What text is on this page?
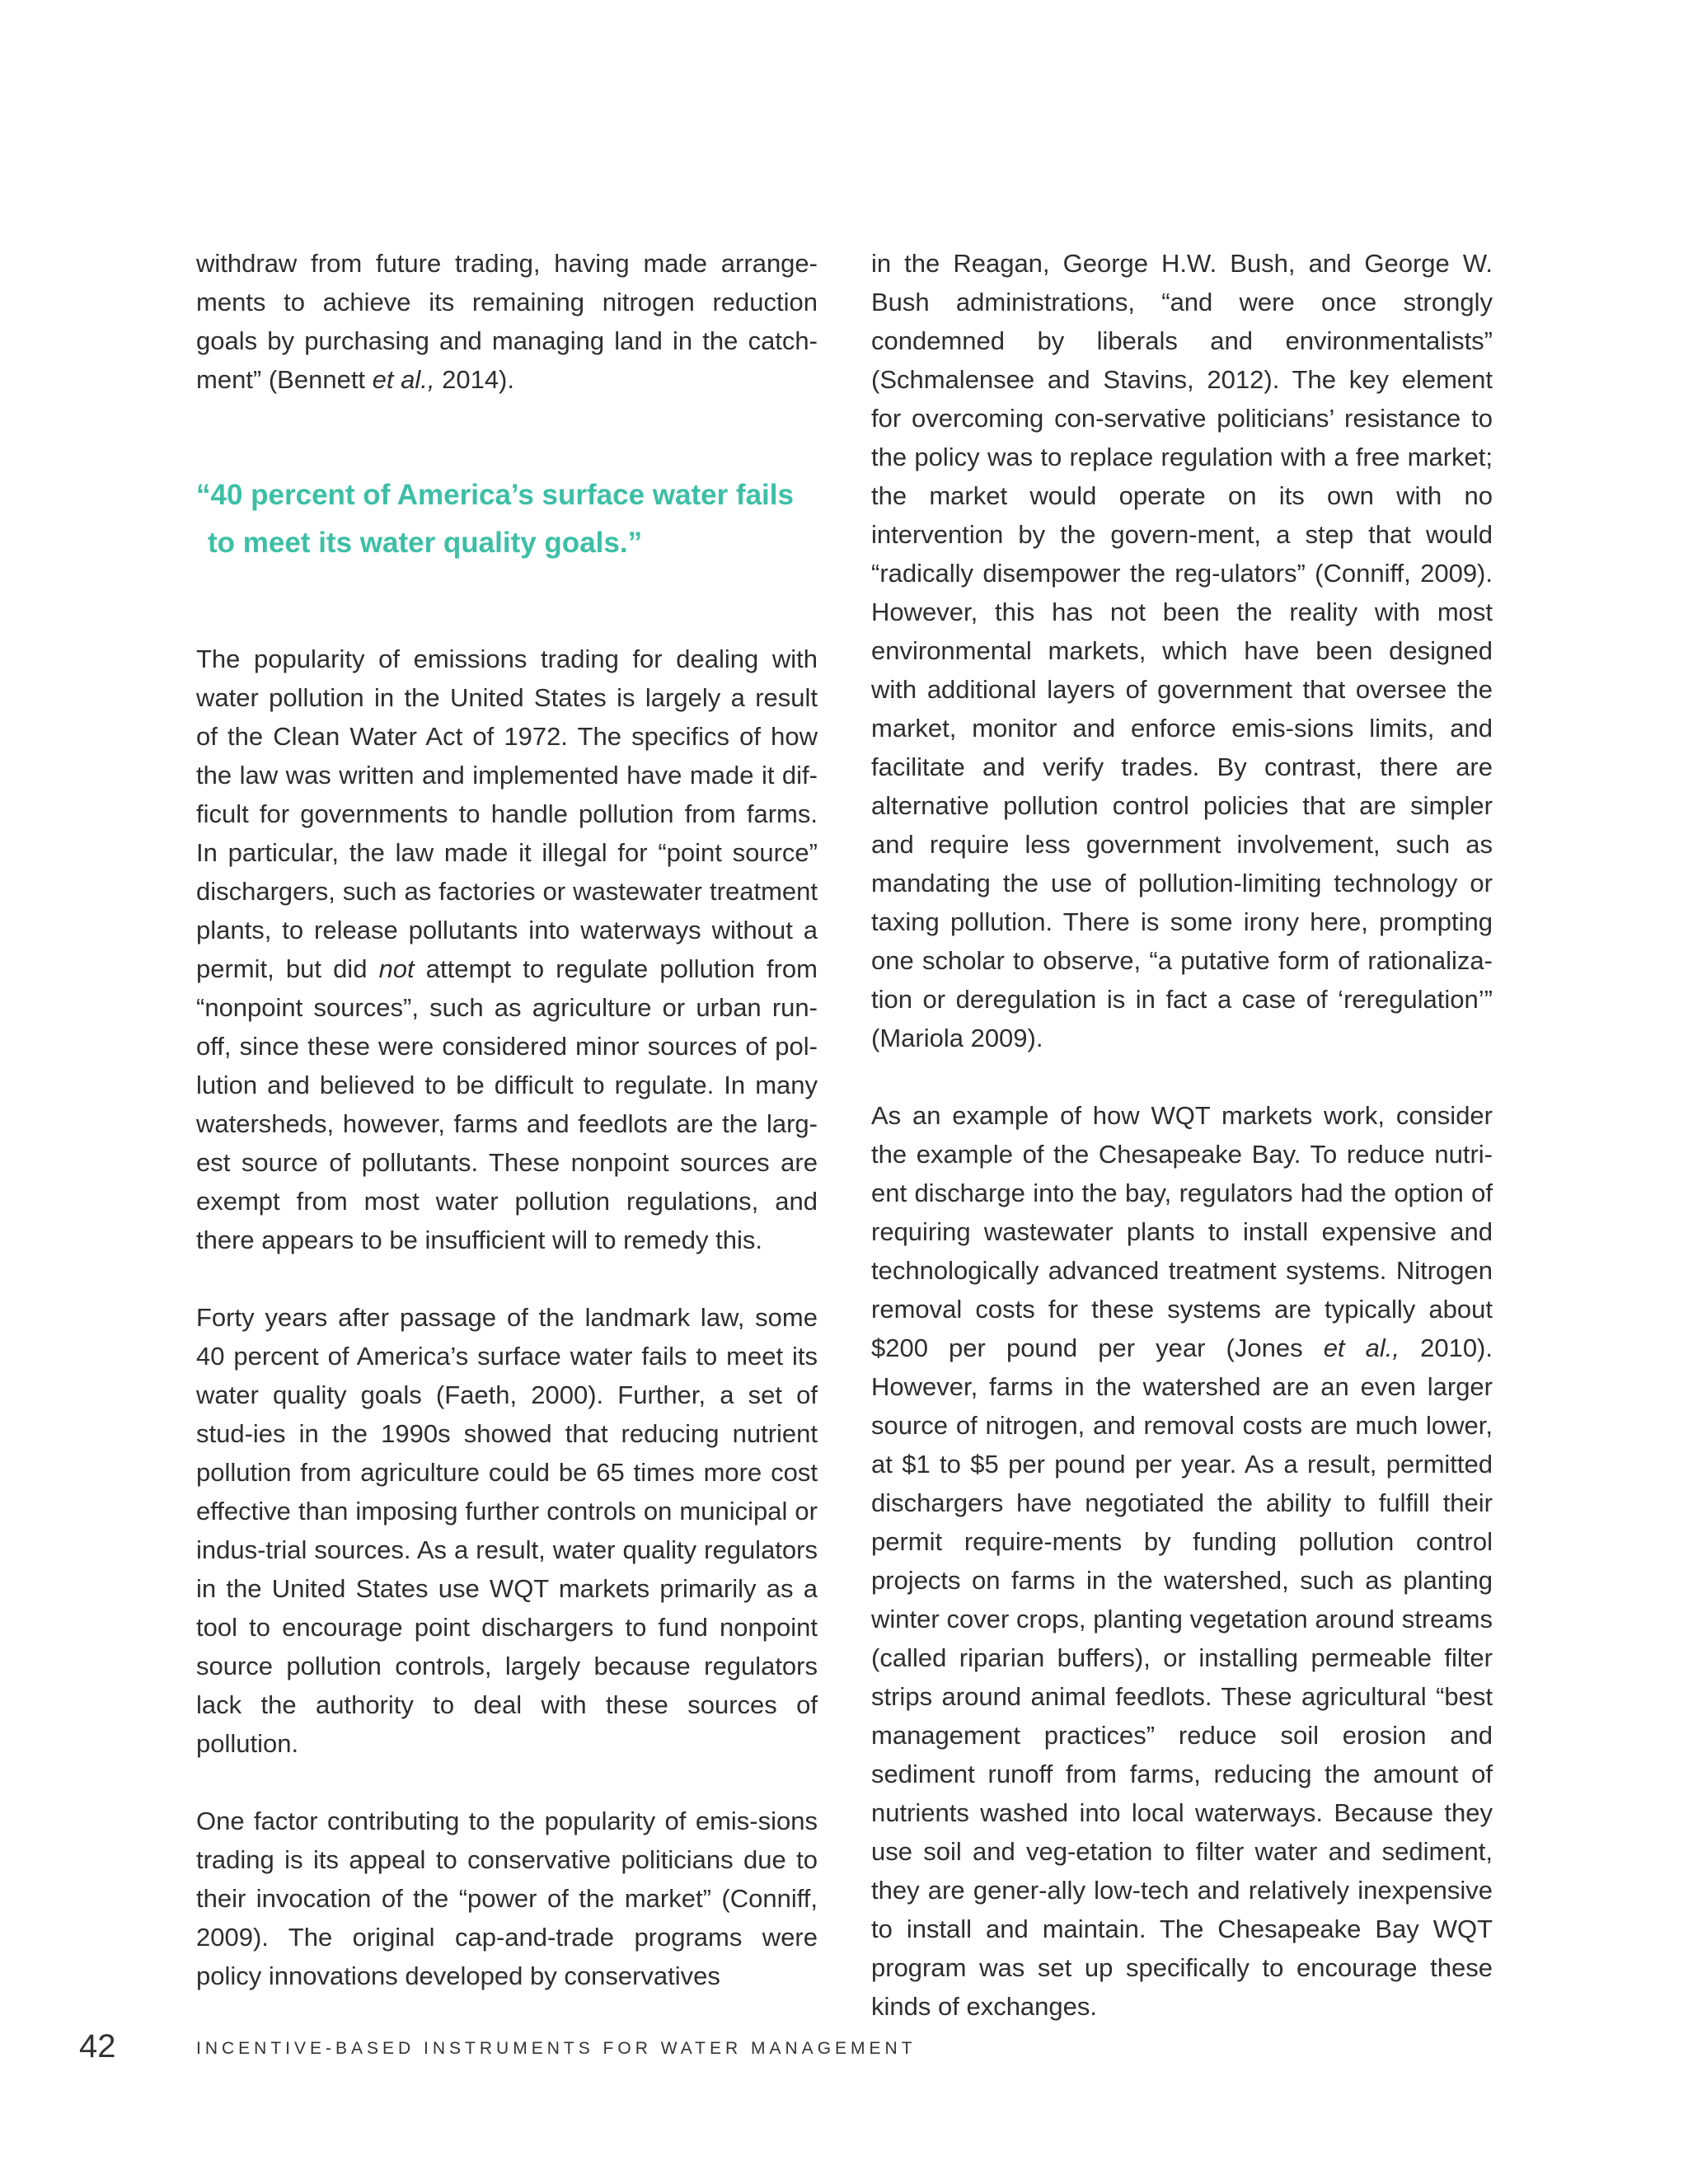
withdraw from future trading, having made arrange-ments to achieve its remaining nitrogen reduction goals by purchasing and managing land in the catch-ment” (Bennett et al., 2014).

“40 percent of America’s surface water fails
to meet its water quality goals.”

The popularity of emissions trading for dealing with water pollution in the United States is largely a result of the Clean Water Act of 1972. The specifics of how the law was written and implemented have made it dif-ficult for governments to handle pollution from farms. In particular, the law made it illegal for “point source” dischargers, such as factories or wastewater treatment plants, to release pollutants into waterways without a permit, but did not attempt to regulate pollution from “nonpoint sources”, such as agriculture or urban run-off, since these were considered minor sources of pol-lution and believed to be difficult to regulate. In many watersheds, however, farms and feedlots are the larg-est source of pollutants. These nonpoint sources are exempt from most water pollution regulations, and there appears to be insufficient will to remedy this.

Forty years after passage of the landmark law, some 40 percent of America’s surface water fails to meet its water quality goals (Faeth, 2000). Further, a set of stud-ies in the 1990s showed that reducing nutrient pollution from agriculture could be 65 times more cost effective than imposing further controls on municipal or indus-trial sources. As a result, water quality regulators in the United States use WQT markets primarily as a tool to encourage point dischargers to fund nonpoint source pollution controls, largely because regulators lack the authority to deal with these sources of pollution.

One factor contributing to the popularity of emis-sions trading is its appeal to conservative politicians due to their invocation of the “power of the market” (Conniff, 2009). The original cap-and-trade programs were policy innovations developed by conservatives

in the Reagan, George H.W. Bush, and George W. Bush administrations, “and were once strongly condemned by liberals and environmentalists” (Schmalensee and Stavins, 2012). The key element for overcoming con-servative politicians’ resistance to the policy was to replace regulation with a free market; the market would operate on its own with no intervention by the govern-ment, a step that would “radically disempower the reg-ulators” (Conniff, 2009). However, this has not been the reality with most environmental markets, which have been designed with additional layers of government that oversee the market, monitor and enforce emis-sions limits, and facilitate and verify trades. By contrast, there are alternative pollution control policies that are simpler and require less government involvement, such as mandating the use of pollution-limiting technology or taxing pollution. There is some irony here, prompting one scholar to observe, “a putative form of rationaliza-tion or deregulation is in fact a case of ‘reregulation’” (Mariola 2009).

As an example of how WQT markets work, consider the example of the Chesapeake Bay. To reduce nutri-ent discharge into the bay, regulators had the option of requiring wastewater plants to install expensive and technologically advanced treatment systems. Nitrogen removal costs for these systems are typically about $200 per pound per year (Jones et al., 2010). However, farms in the watershed are an even larger source of nitrogen, and removal costs are much lower, at $1 to $5 per pound per year. As a result, permitted dischargers have negotiated the ability to fulfill their permit require-ments by funding pollution control projects on farms in the watershed, such as planting winter cover crops, planting vegetation around streams (called riparian buffers), or installing permeable filter strips around animal feedlots. These agricultural “best management practices” reduce soil erosion and sediment runoff from farms, reducing the amount of nutrients washed into local waterways. Because they use soil and veg-etation to filter water and sediment, they are gener-ally low-tech and relatively inexpensive to install and maintain. The Chesapeake Bay WQT program was set up specifically to encourage these kinds of exchanges.

42	INCENTIVE-BASED INSTRUMENTS FOR WATER MANAGEMENT
